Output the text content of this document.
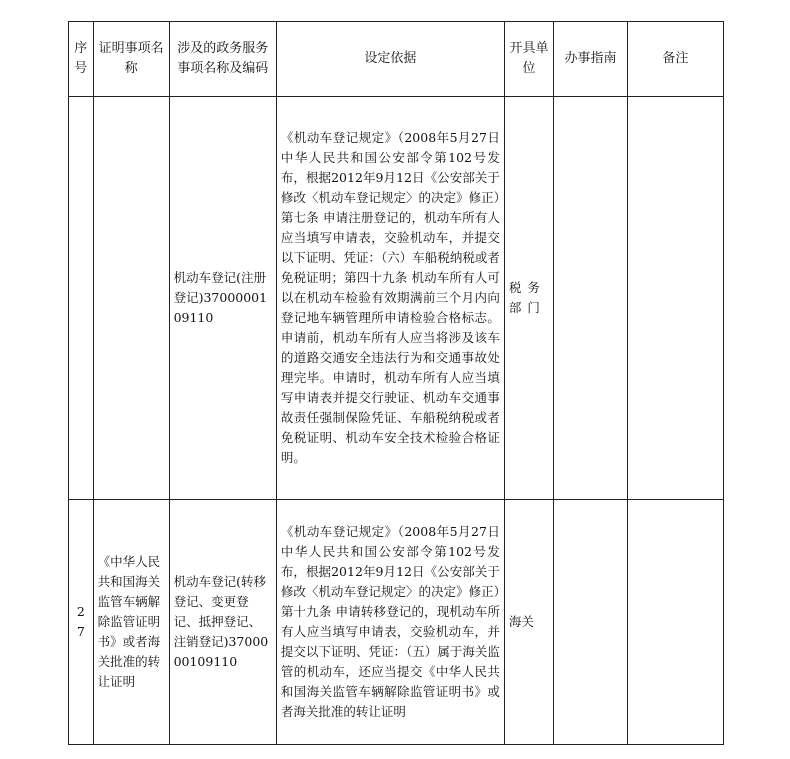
序号	证明事项名称	涉及的政务服务事项名称及编码	设定依据	开具单位	办事指南	备注
		机动车登记(注册登记)3700000109110	《机动车登记规定》（2008年5月27日中华人民共和国公安部令第102号发布，根据2012年9月12日《公安部关于修改〈机动车登记规定〉的决定》修正）第七条 申请注册登记的，机动车所有人应当填写申请表，交验机动车，并提交以下证明、凭证：（六）车船税纳税或者免税证明；第四十九条 机动车所有人可以在机动车检验有效期满前三个月内向登记地车辆管理所申请检验合格标志。申请前，机动车所有人应当将涉及该车的道路交通安全违法行为和交通事故处理完毕。申请时，机动车所有人应当填写申请表并提交行驶证、机动车交通事故责任强制保险凭证、车船税纳税或者免税证明、机动车安全技术检验合格证明。	税务部门		
27	《中华人民共和国海关监管车辆解除监管证明书》或者海关批准的转让证明	机动车登记(转移登记、变更登记、抵押登记、注销登记)3700000109110	《机动车登记规定》（2008年5月27日中华人民共和国公安部令第102号发布，根据2012年9月12日《公安部关于修改〈机动车登记规定〉的决定》修正）第十九条 申请转移登记的，现机动车所有人应当填写申请表，交验机动车，并提交以下证明、凭证：（五）属于海关监管的机动车，还应当提交《中华人民共和国海关监管车辆解除监管证明书》或者海关批准的转让证明	海关		
